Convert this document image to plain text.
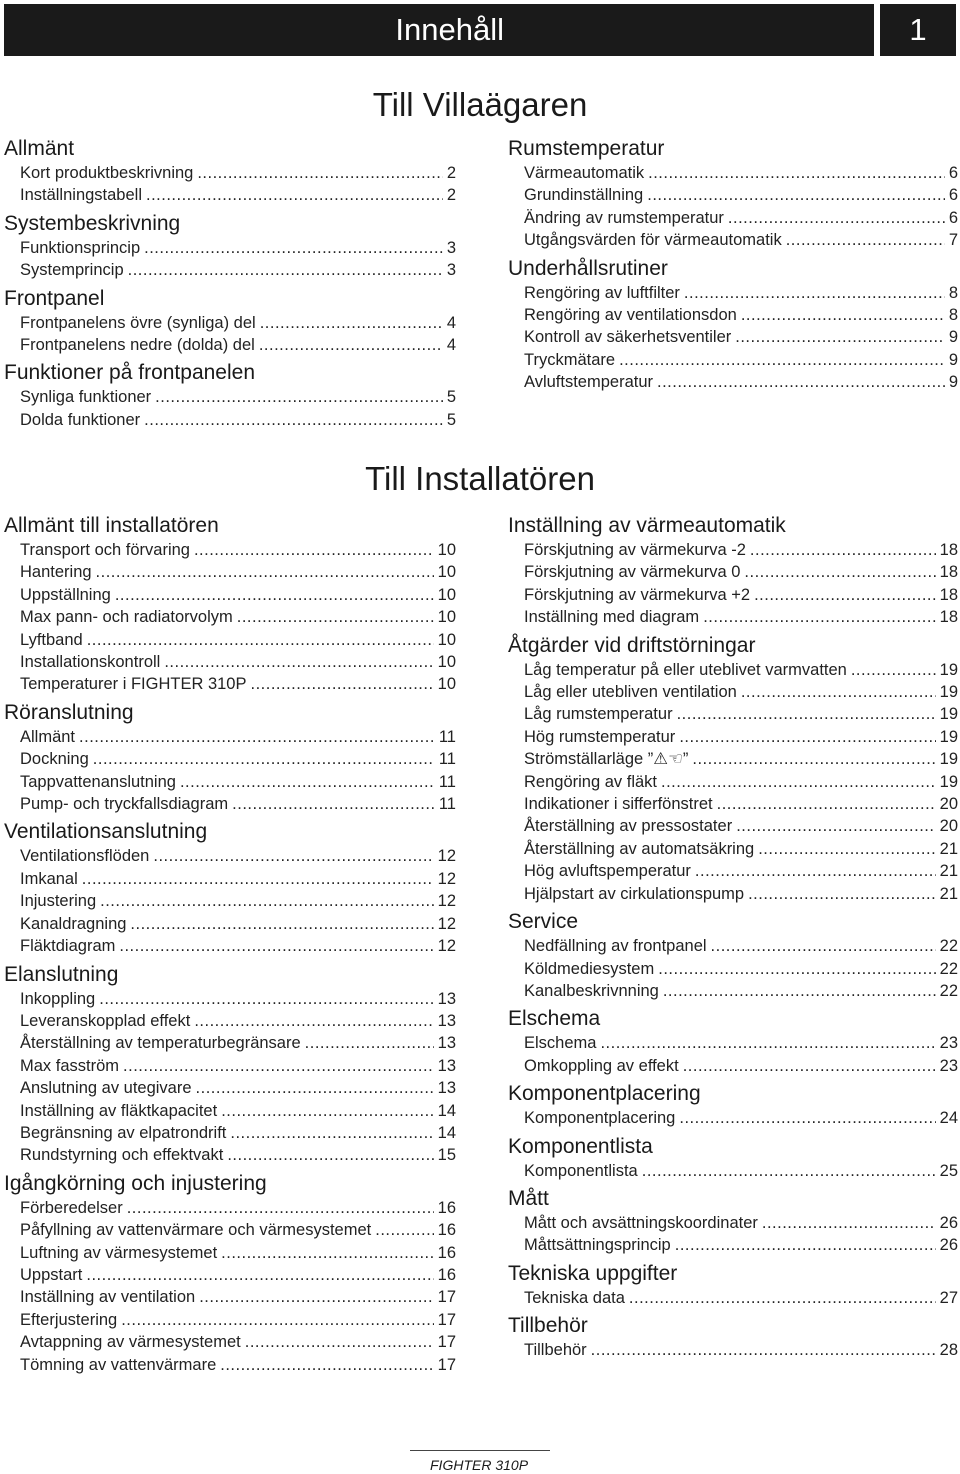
Innehåll	1
Till Villaägaren
Till Installatören
Allmänt
Kort produktbeskrivning .....	2
Inställningstabell .....	2
Systembeskrivning
Funktionsprincip .....	3
Systemprincip .....	3
Frontpanel
Frontpanelens övre (synliga) del .....	4
Frontpanelens nedre (dolda) del .....	4
Funktioner på frontpanelen
Synliga funktioner .....	5
Dolda funktioner .....	5
Rumstemperatur
Värmeautomatik .....	6
Grundinställning .....	6
Ändring av rumstemperatur .....	6
Utgångsvärden för värmeautomatik .....	7
Underhållsrutiner
Rengöring av luftfilter .....	8
Rengöring av ventilationsdon .....	8
Kontroll av säkerhetsventiler .....	9
Tryckmätare .....	9
Avluftstemperatur .....	9
Allmänt till installatören
Transport och förvaring .....	10
Hantering .....	10
Uppställning .....	10
Max pann- och radiatorvolym .....	10
Lyftband .....	10
Installationskontroll .....	10
Temperaturer i FIGHTER 310P .....	10
Röranslutning
Allmänt .....	11
Dockning .....	11
Tappvattenanslutning .....	11
Pump- och tryckfallsdiagram .....	11
Ventilationsanslutning
Ventilationsflöden .....	12
Imkanal .....	12
Injustering .....	12
Kanaldragning .....	12
Fläktdiagram .....	12
Elanslutning
Inkoppling .....	13
Leveranskopplad effekt .....	13
Återställning av temperaturbegränsare .....	13
Max fasström .....	13
Anslutning av utegivare .....	13
Inställning av fläktkapacitet .....	14
Begränsning av elpatrondrift .....	14
Rundstyrning och effektvakt .....	15
Igångkörning och injustering
Förberedelser .....	16
Påfyllning av vattenvärmare och värmesystemet .....	16
Luftning av värmesystemet .....	16
Uppstart .....	16
Inställning av ventilation .....	17
Efterjustering .....	17
Avtappning av värmesystemet .....	17
Tömning av vattenvärmare .....	17
Inställning av värmeautomatik
Förskjutning av värmekurva -2 .....	18
Förskjutning av värmekurva 0 .....	18
Förskjutning av värmekurva +2 .....	18
Inställning med diagram .....	18
Åtgärder vid driftstörningar
Låg temperatur på eller uteblivet varmvatten .....	19
Låg eller utebliven ventilation .....	19
Låg rumstemperatur .....	19
Hög rumstemperatur .....	19
Strömställarläge ”⚠☜” .....	19
Rengöring av fläkt .....	19
Indikationer i sifferfönstret .....	20
Återställning av pressostater .....	20
Återställning av automatsäkring .....	21
Hög avluftspemperatur .....	21
Hjälpstart av cirkulationspump .....	21
Service
Nedfällning av frontpanel .....	22
Köldmediesystem .....	22
Kanalbeskrivnning .....	22
Elschema
Elschema .....	23
Omkoppling av effekt .....	23
Komponentplacering
Komponentplacering .....	24
Komponentlista
Komponentlista .....	25
Mått
Mått och avsättningskoordinater .....	26
Måttsättningsprincip .....	26
Tekniska uppgifter
Tekniska data .....	27
Tillbehör
Tillbehör .....	28
FIGHTER 310P
